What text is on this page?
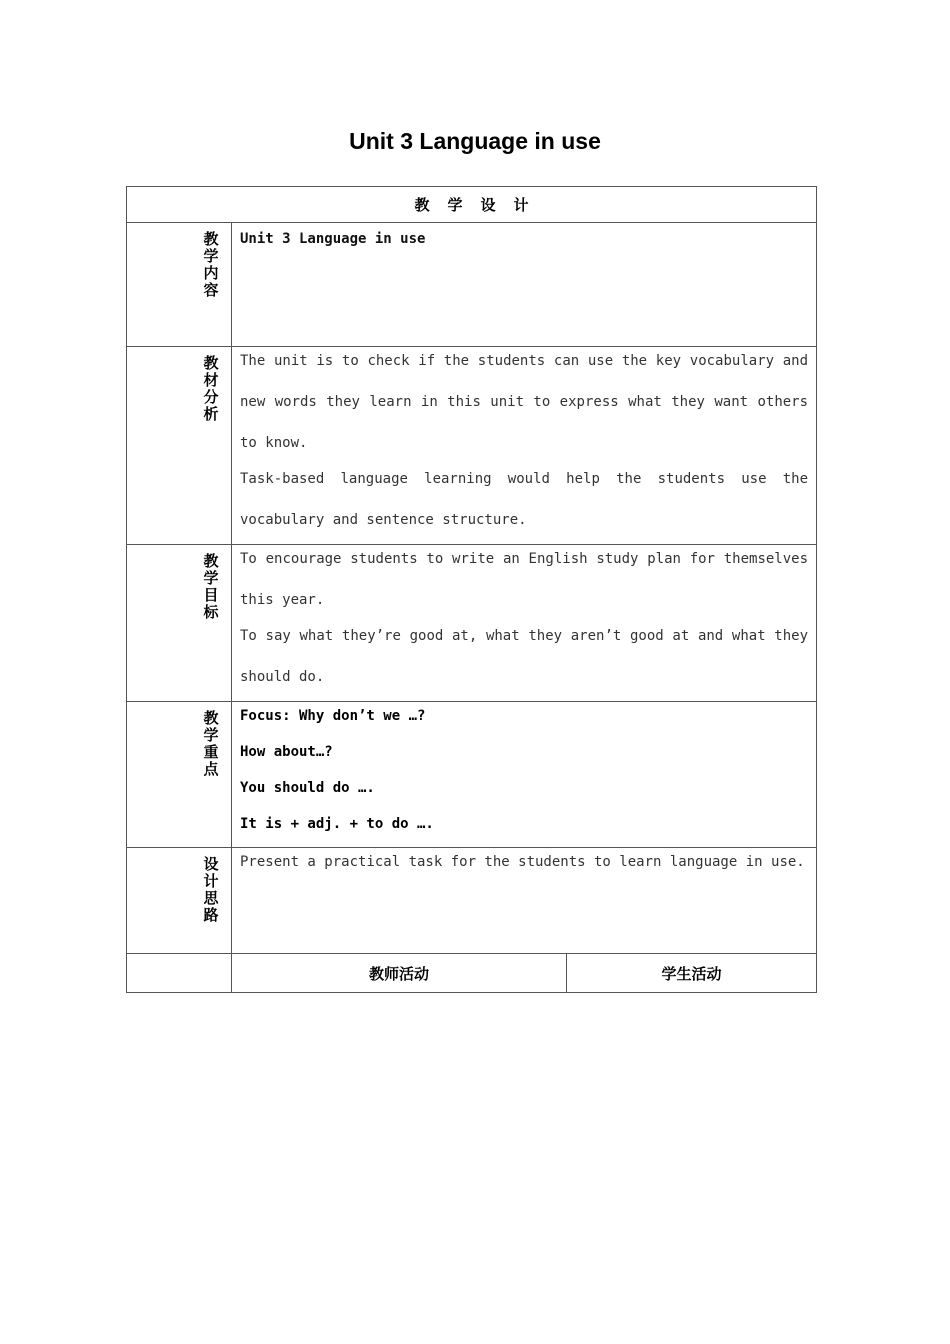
Unit 3 Language in use
教学设计		

教学内容	Unit 3 Language in use	

教材分析	The unit is to check if the students can use the key vocabulary and new words they learn in this unit to express what they want others to know.

Task-based language learning would help the students use the vocabulary and sentence structure.	

教学目标	To encourage students to write an English study plan for themselves this year.

To say what they’re good at, what they aren’t good at and what they should do.	

教学重点	Focus: Why don’t we …?

How about…?

You should do ….

It is + adj. + to do ….	

设计思路	Present a practical task for the students to learn language in use.	

	教师活动	学生活动
